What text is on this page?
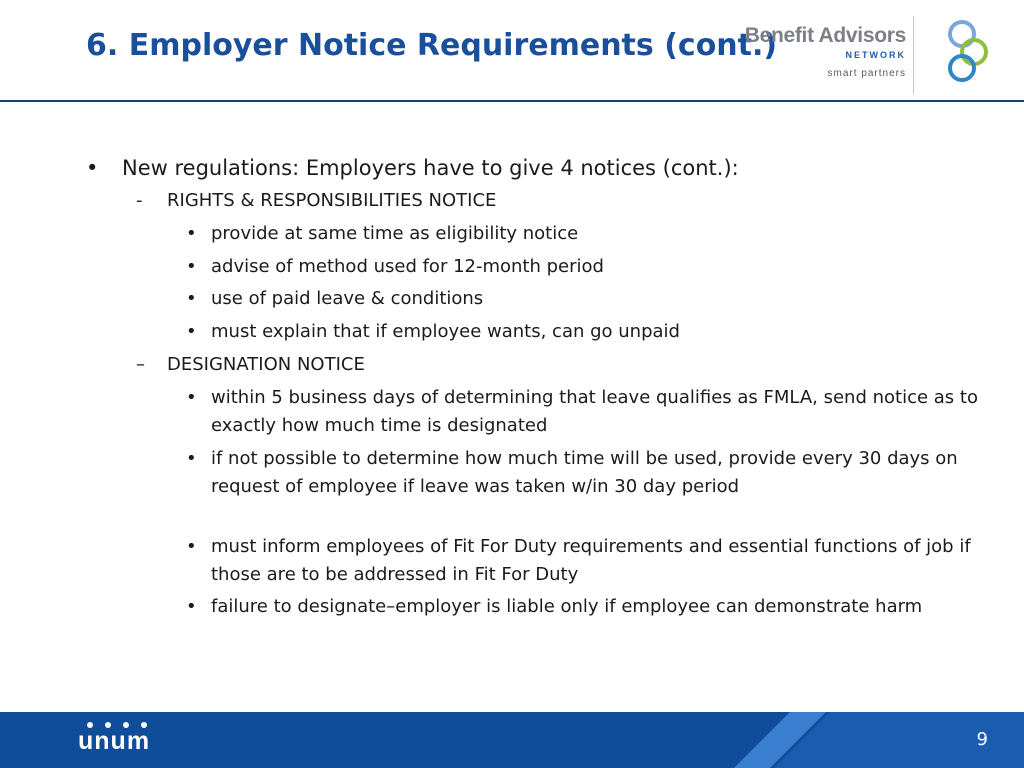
6. Employer Notice Requirements (cont.)
Benefit Advisors
NETWORK
smart partners
• New regulations: Employers have to give 4 notices (cont.):
- RIGHTS & RESPONSIBILITIES NOTICE
• provide at same time as eligibility notice
• advise of method used for 12-month period
• use of paid leave & conditions
• must explain that if employee wants, can go unpaid
– DESIGNATION NOTICE
• within 5 business days of determining that leave qualifies as FMLA, send notice as to exactly how much time is designated
• if not possible to determine how much time will be used, provide every 30 days on request of employee if leave was taken w/in 30 day period
• must inform employees of Fit For Duty requirements and essential functions of job if those are to be addressed in Fit For Duty
• failure to designate–employer is liable only if employee can demonstrate harm
unum	9
